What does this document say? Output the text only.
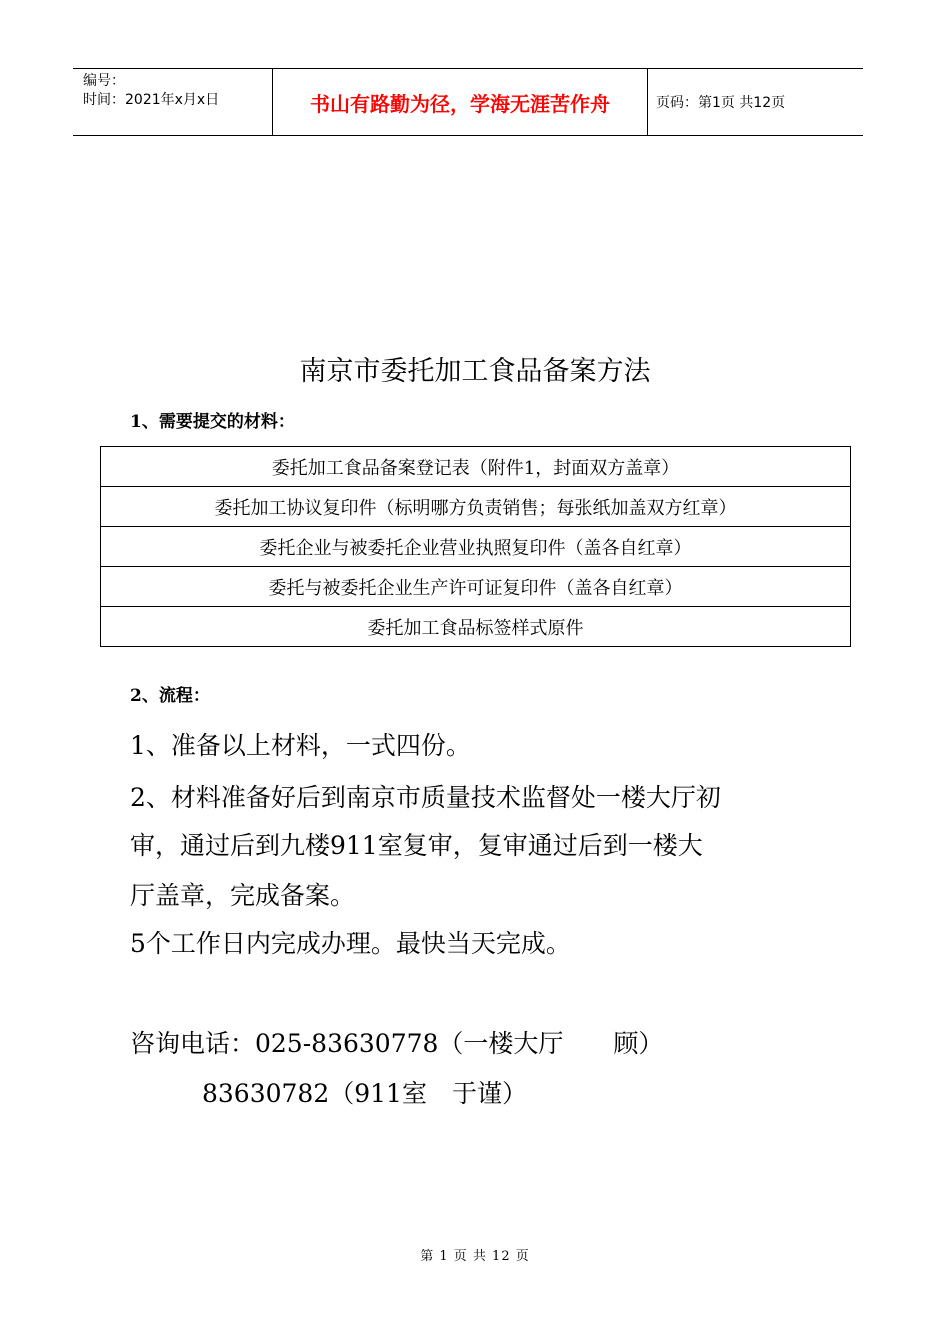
编号：
时间：2021年x月x日	书山有路勤为径，学海无涯苦作舟	页码：第1页 共12页
南京市委托加工食品备案方法
1、需要提交的材料：
委托加工食品备案登记表（附件1，封面双方盖章）
委托加工协议复印件（标明哪方负责销售；每张纸加盖双方红章）
委托企业与被委托企业营业执照复印件（盖各自红章）
委托与被委托企业生产许可证复印件（盖各自红章）
委托加工食品标签样式原件
2、流程：
1、准备以上材料，一式四份。
2、材料准备好后到南京市质量技术监督处一楼大厅初
审，通过后到九楼911室复审，复审通过后到一楼大
厅盖章，完成备案。
5个工作日内完成办理。最快当天完成。
咨询电话：025-83630778（一楼大厅　　顾）
83630782（911室　于谨）
第 1 页 共 12 页
